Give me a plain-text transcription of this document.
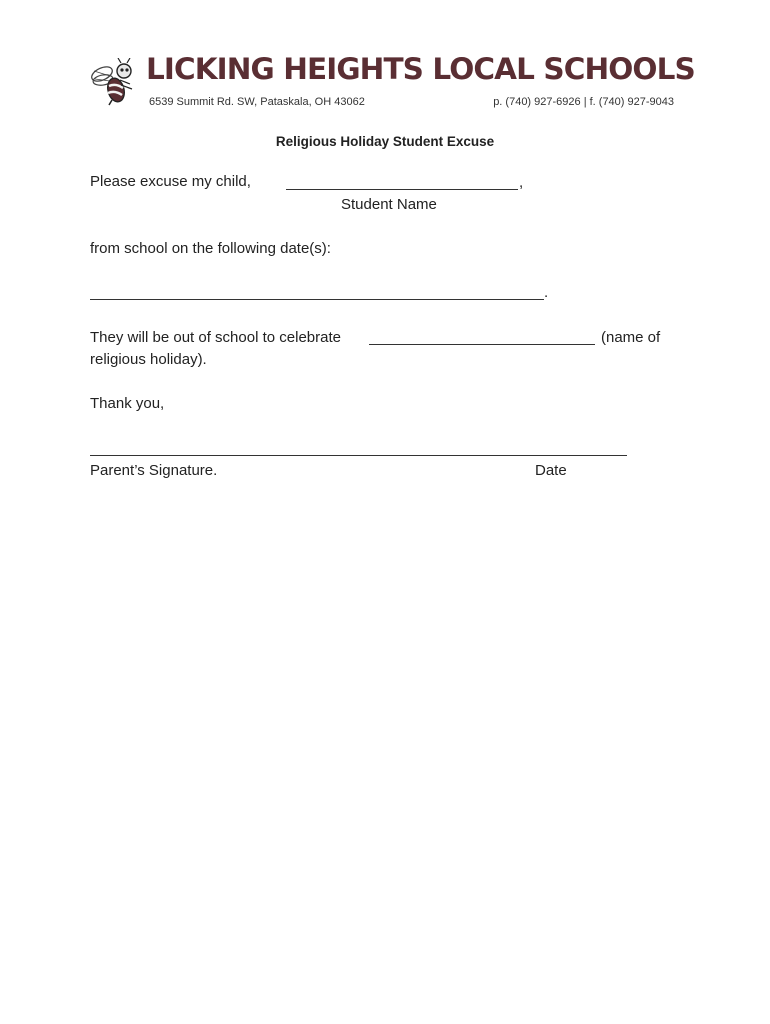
LICKING HEIGHTS LOCAL SCHOOLS
6539 Summit Rd. SW, Pataskala, OH 43062	p. (740) 927-6926 | f. (740) 927-9043
Religious Holiday Student Excuse
Please excuse my child,	,
Student Name
from school on the following date(s):
.
They will be out of school to celebrate	(name of
religious holiday).
Thank you,
Parent’s Signature.	Date
